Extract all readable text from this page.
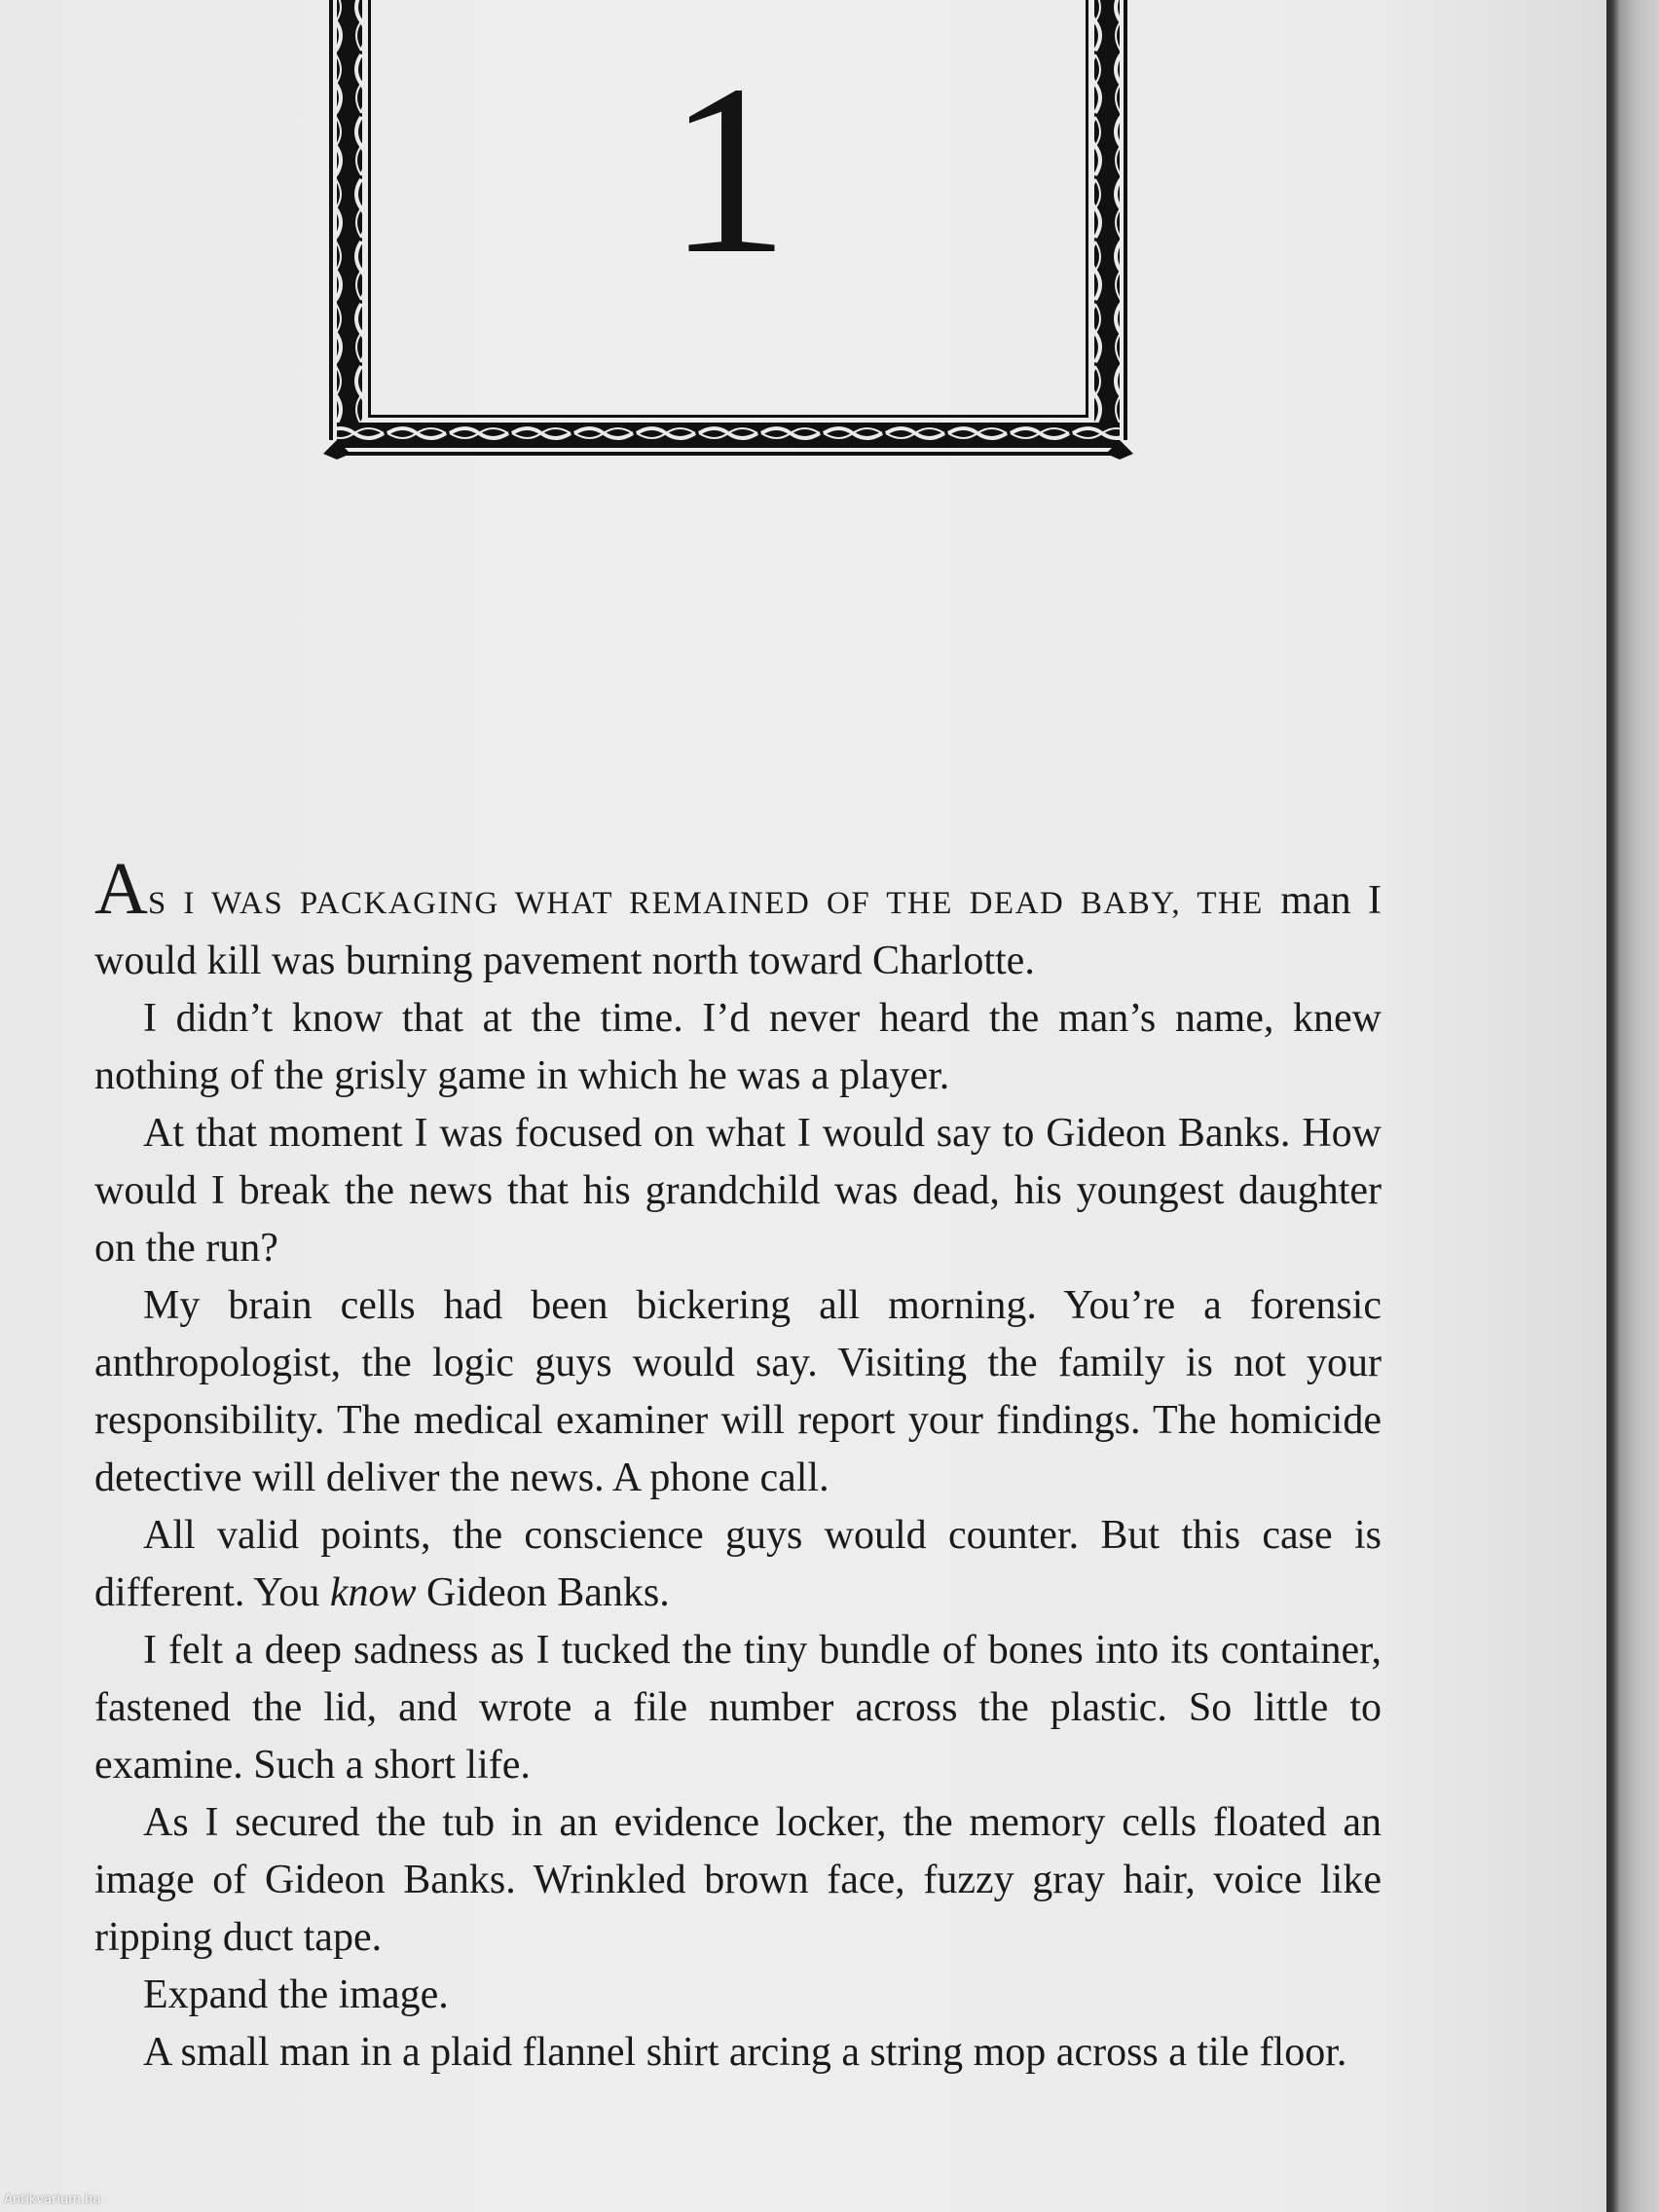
1

AS I WAS PACKAGING WHAT REMAINED OF THE DEAD BABY, THE man I would kill was burning pavement north toward Charlotte.

I didn’t know that at the time. I’d never heard the man’s name, knew nothing of the grisly game in which he was a player.

At that moment I was focused on what I would say to Gideon Banks. How would I break the news that his grandchild was dead, his youngest daughter on the run?

My brain cells had been bickering all morning. You’re a forensic anthropologist, the logic guys would say. Visiting the family is not your responsibility. The medical examiner will report your findings. The homicide detective will deliver the news. A phone call.

All valid points, the conscience guys would counter. But this case is different. You know Gideon Banks.

I felt a deep sadness as I tucked the tiny bundle of bones into its container, fastened the lid, and wrote a file number across the plastic. So little to examine. Such a short life.

As I secured the tub in an evidence locker, the memory cells floated an image of Gideon Banks. Wrinkled brown face, fuzzy gray hair, voice like ripping duct tape.

Expand the image.

A small man in a plaid flannel shirt arcing a string mop across a tile floor.

Antikvarium.hu
